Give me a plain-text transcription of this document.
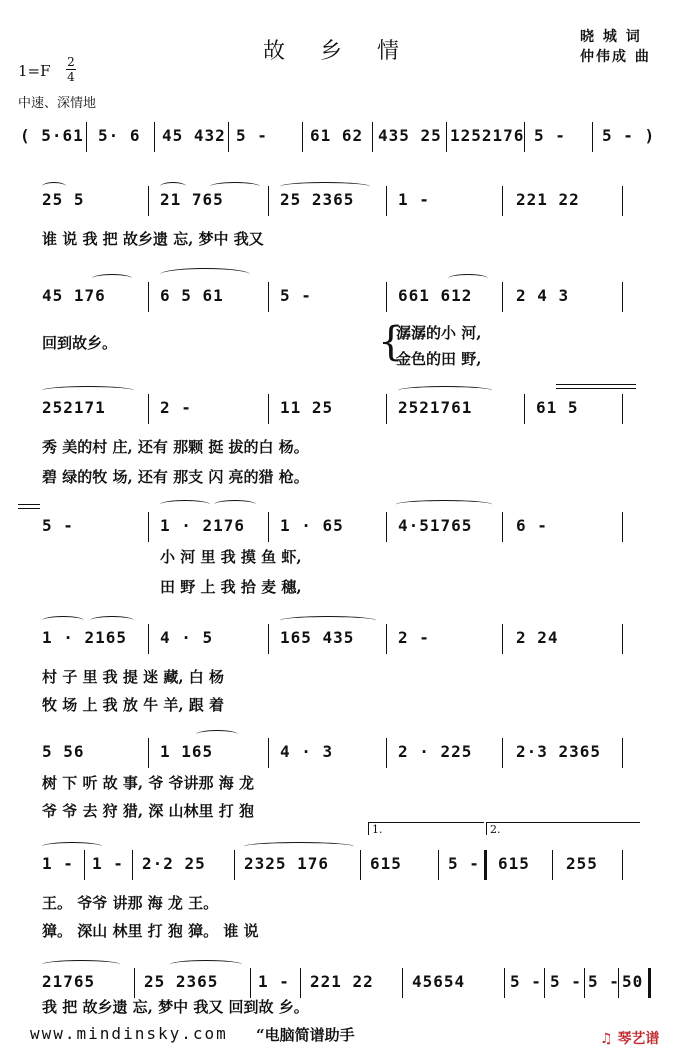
故 乡 情
1=F 2
4
晓 城 词
仲伟成 曲
中速、深情地
( 5·61 5· 6 45 432 5 -	61 62 435 25 1252176 5 - 5 - )
25 5	21 765	25 2365	1 -	221 22
谁 说 我 把 故乡遗 忘, 梦中 我又
45 176	6 5 61	5 -	661 612	2 4 3
回到故乡。	{
潺潺的小 河,
金色的田 野,
252171	2 -	11 25	2521761	61 5
秀 美的村 庄, 还有 那颗 挺 拔的白 杨。
碧 绿的牧 场, 还有 那支 闪 亮的猎 枪。
5 -	1 · 2176 1 · 65	4·51765	6 -
小 河 里 我 摸 鱼 虾,
田 野 上 我 拾 麦 穗,
1 · 2165 4 · 5	165 435	2 -	2 24
村 子 里 我 提 迷 藏, 白 杨
牧 场 上 我 放 牛 羊, 跟 着
5 56	1 165	4 · 3	2 · 225	2·3 2365
树 下 听 故 事, 爷 爷讲那 海 龙
爷 爷 去 狩 猎, 深 山林里 打 狍
1.	2.
1 - 1 - 2·2 25 2325 176	615	5 - 615 255
王。 爷爷 讲那 海 龙 王。
獐。 深山 林里 打 狍 獐。 谁 说
21765	25 2365 1 - 221 22 45654	5 - 5 - 5 - 50
我 把 故乡遗 忘, 梦中 我又 回到故 乡。
www.mindinsky.com “电脑简谱助手	♫ 琴艺谱
